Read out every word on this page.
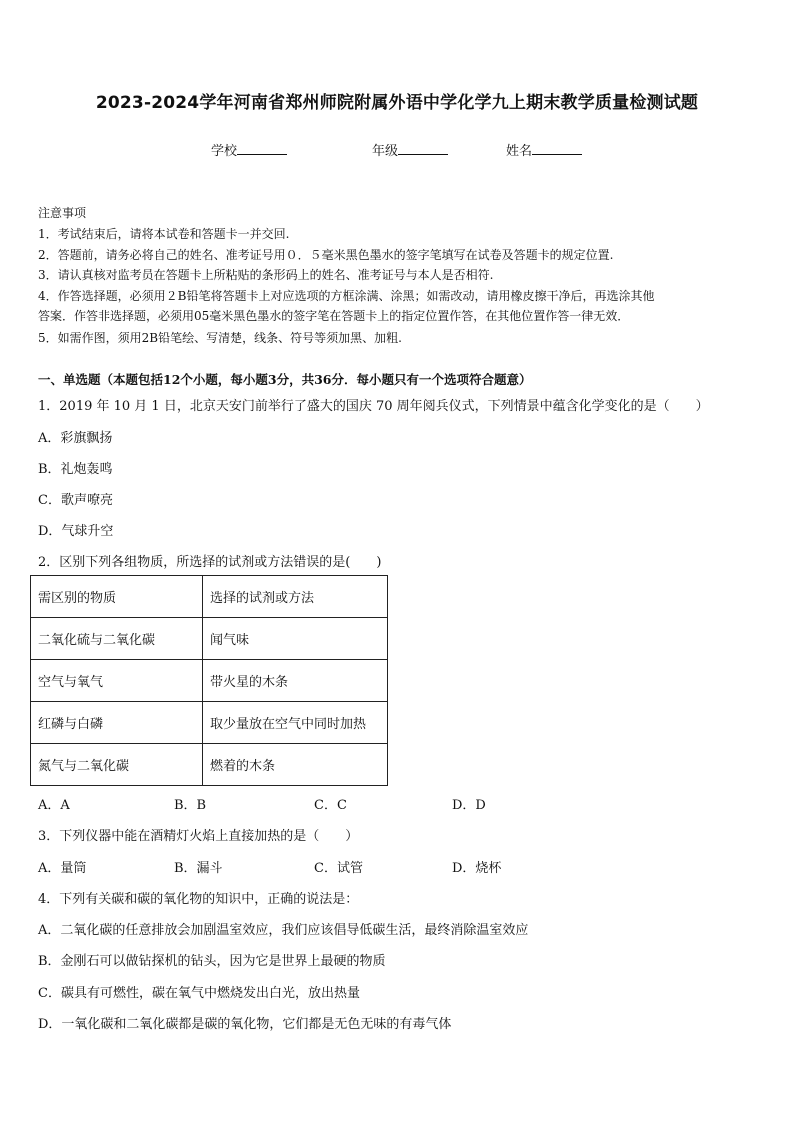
2023-2024学年河南省郑州师院附属外语中学化学九上期末教学质量检测试题
学校	年级	姓名
注意事项
1．考试结束后，请将本试卷和答题卡一并交回.
2．答题前，请务必将自己的姓名、准考证号用０．５毫米黑色墨水的签字笔填写在试卷及答题卡的规定位置.
3．请认真核对监考员在答题卡上所粘贴的条形码上的姓名、准考证号与本人是否相符.
4．作答选择题，必须用２B铅笔将答题卡上对应选项的方框涂满、涂黑；如需改动，请用橡皮擦干净后，再选涂其他
答案．作答非选择题，必须用05毫米黑色墨水的签字笔在答题卡上的指定位置作答，在其他位置作答一律无效．
5．如需作图，须用2B铅笔绘、写清楚，线条、符号等须加黑、加粗.
一、单选题（本题包括12个小题，每小题3分，共36分．每小题只有一个选项符合题意）
1．2019 年 10 月 1 日，北京天安门前举行了盛大的国庆 70 周年阅兵仪式，下列情景中蕴含化学变化的是（　　）
A．彩旗飘扬
B．礼炮轰鸣
C．歌声嘹亮
D．气球升空
2．区别下列各组物质，所选择的试剂或方法错误的是(　　)
需区别的物质	选择的试剂或方法
二氧化硫与二氧化碳	闻气味
空气与氧气	带火星的木条
红磷与白磷	取少量放在空气中同时加热
氮气与二氧化碳	燃着的木条
A．A	B．B	C．C	D．D
3．下列仪器中能在酒精灯火焰上直接加热的是（　　）
A．量筒	B．漏斗	C．试管	D．烧杯
4．下列有关碳和碳的氧化物的知识中，正确的说法是：
A．二氧化碳的任意排放会加剧温室效应，我们应该倡导低碳生活，最终消除温室效应
B．金刚石可以做钻探机的钻头，因为它是世界上最硬的物质
C．碳具有可燃性，碳在氧气中燃烧发出白光，放出热量
D．一氧化碳和二氧化碳都是碳的氧化物，它们都是无色无味的有毒气体
